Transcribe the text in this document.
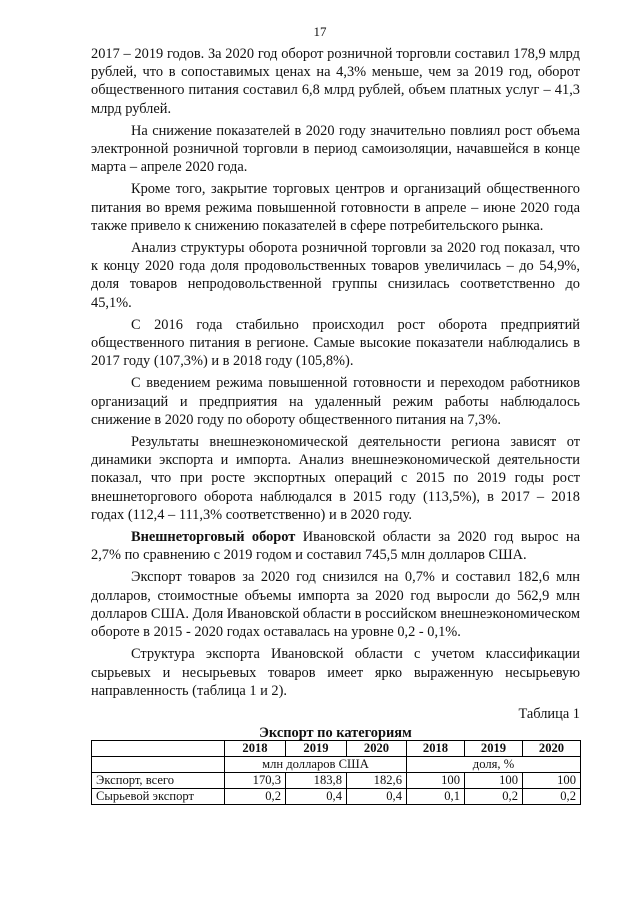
17

2017 – 2019 годов. За 2020 год оборот розничной торговли составил 178,9 млрд рублей, что в сопоставимых ценах на 4,3% меньше, чем за 2019 год, оборот общественного питания составил 6,8 млрд рублей, объем платных услуг – 41,3 млрд рублей.

На снижение показателей в 2020 году значительно повлиял рост объема электронной розничной торговли в период самоизоляции, начавшейся в конце марта – апреле 2020 года.

Кроме того, закрытие торговых центров и организаций общественного питания во время режима повышенной готовности в апреле – июне 2020 года также привело к снижению показателей в сфере потребительского рынка.

Анализ структуры оборота розничной торговли за 2020 год показал, что к концу 2020 года доля продовольственных товаров увеличилась – до 54,9%, доля товаров непродовольственной группы снизилась соответственно до 45,1%.

С 2016 года стабильно происходил рост оборота предприятий общественного питания в регионе. Самые высокие показатели наблюдались в 2017 году (107,3%) и в 2018 году (105,8%).

С введением режима повышенной готовности и переходом работников организаций и предприятия на удаленный режим работы наблюдалось снижение в 2020 году по обороту общественного питания на 7,3%.

Результаты внешнеэкономической деятельности региона зависят от динамики экспорта и импорта. Анализ внешнеэкономической деятельности показал, что при росте экспортных операций с 2015 по 2019 годы рост внешнеторгового оборота наблюдался в 2015 году (113,5%), в 2017 – 2018 годах (112,4 – 111,3% соответственно) и в 2020 году.

Внешнеторговый оборот Ивановской области за 2020 год вырос на 2,7% по сравнению с 2019 годом и составил 745,5 млн долларов США.

Экспорт товаров за 2020 год снизился на 0,7% и составил 182,6 млн долларов, стоимостные объемы импорта за 2020 год выросли до 562,9 млн долларов США. Доля Ивановской области в российском внешнеэкономическом обороте в 2015 - 2020 годах оставалась на уровне 0,2 - 0,1%.

Структура экспорта Ивановской области с учетом классификации сырьевых и несырьевых товаров имеет ярко выраженную несырьевую направленность (таблица 1 и 2).

Таблица 1
Экспорт по категориям
	2018	2019	2020	2018	2019	2020
	млн долларов США			доля, %		
Экспорт, всего	170,3	183,8	182,6	100	100	100
Сырьевой экспорт	0,2	0,4	0,4	0,1	0,2	0,2
